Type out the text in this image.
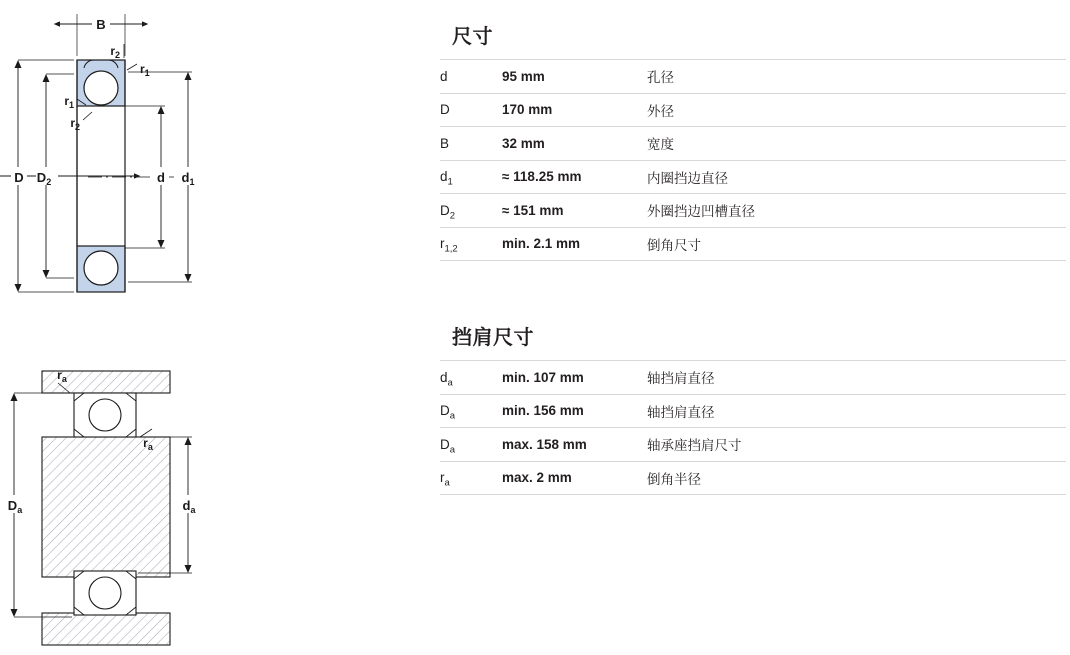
B
D $D_2$	d $d_1$
$r_2$
$r_1$
$r_1$
$r_2$
$r_a$
$r_a$
$D_a$	$d_a$
尺寸
d	95 mm	孔径
D	170 mm	外径
B	32 mm	宽度
$d_1$	≈ 118.25 mm	内圈挡边直径
$D_2$	≈ 151 mm	外圈挡边凹槽直径
$r_{1,2}$	min. 2.1 mm	倒角尺寸
挡肩尺寸
$d_a$	min. 107 mm	轴挡肩直径
$D_a$	min. 156 mm	轴挡肩直径
$D_a$	max. 158 mm	轴承座挡肩尺寸
$r_a$	max. 2 mm	倒角半径
